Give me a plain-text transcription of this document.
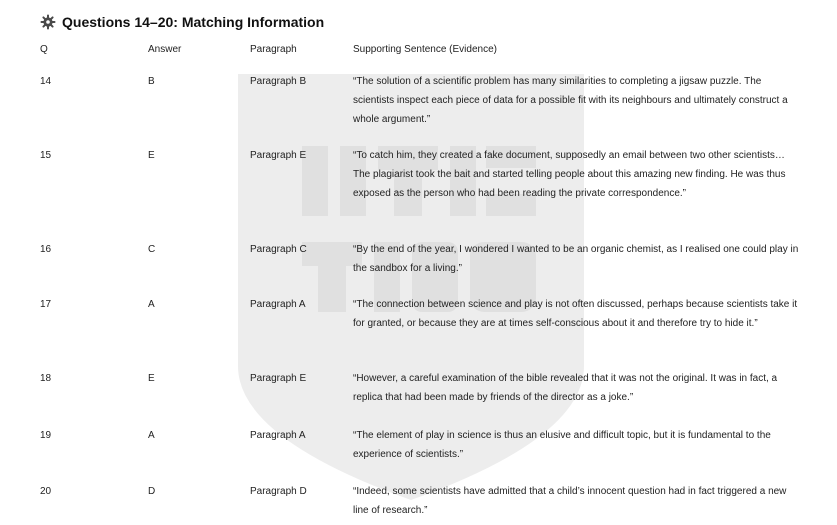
Questions 14–20: Matching Information
Q	Answer	Paragraph	Supporting Sentence (Evidence)
14	B	Paragraph B	“The solution of a scientific problem has many similarities to completing a jigsaw puzzle. The scientists inspect each piece of data for a possible fit with its neighbours and ultimately construct a whole argument.”
15	E	Paragraph E	“To catch him, they created a fake document, supposedly an email between two other scientists… The plagiarist took the bait and started telling people about this amazing new finding. He was thus exposed as the person who had been reading the private correspondence.”
16	C	Paragraph C	“By the end of the year, I wondered I wanted to be an organic chemist, as I realised one could play in the sandbox for a living.”
17	A	Paragraph A	“The connection between science and play is not often discussed, perhaps because scientists take it for granted, or because they are at times self-conscious about it and therefore try to hide it.”
18	E	Paragraph E	“However, a careful examination of the bible revealed that it was not the original. It was in fact, a replica that had been made by friends of the director as a joke.”
19	A	Paragraph A	“The element of play in science is thus an elusive and difficult topic, but it is fundamental to the experience of scientists.”
20	D	Paragraph D	“Indeed, some scientists have admitted that a child’s innocent question had in fact triggered a new line of research.”
